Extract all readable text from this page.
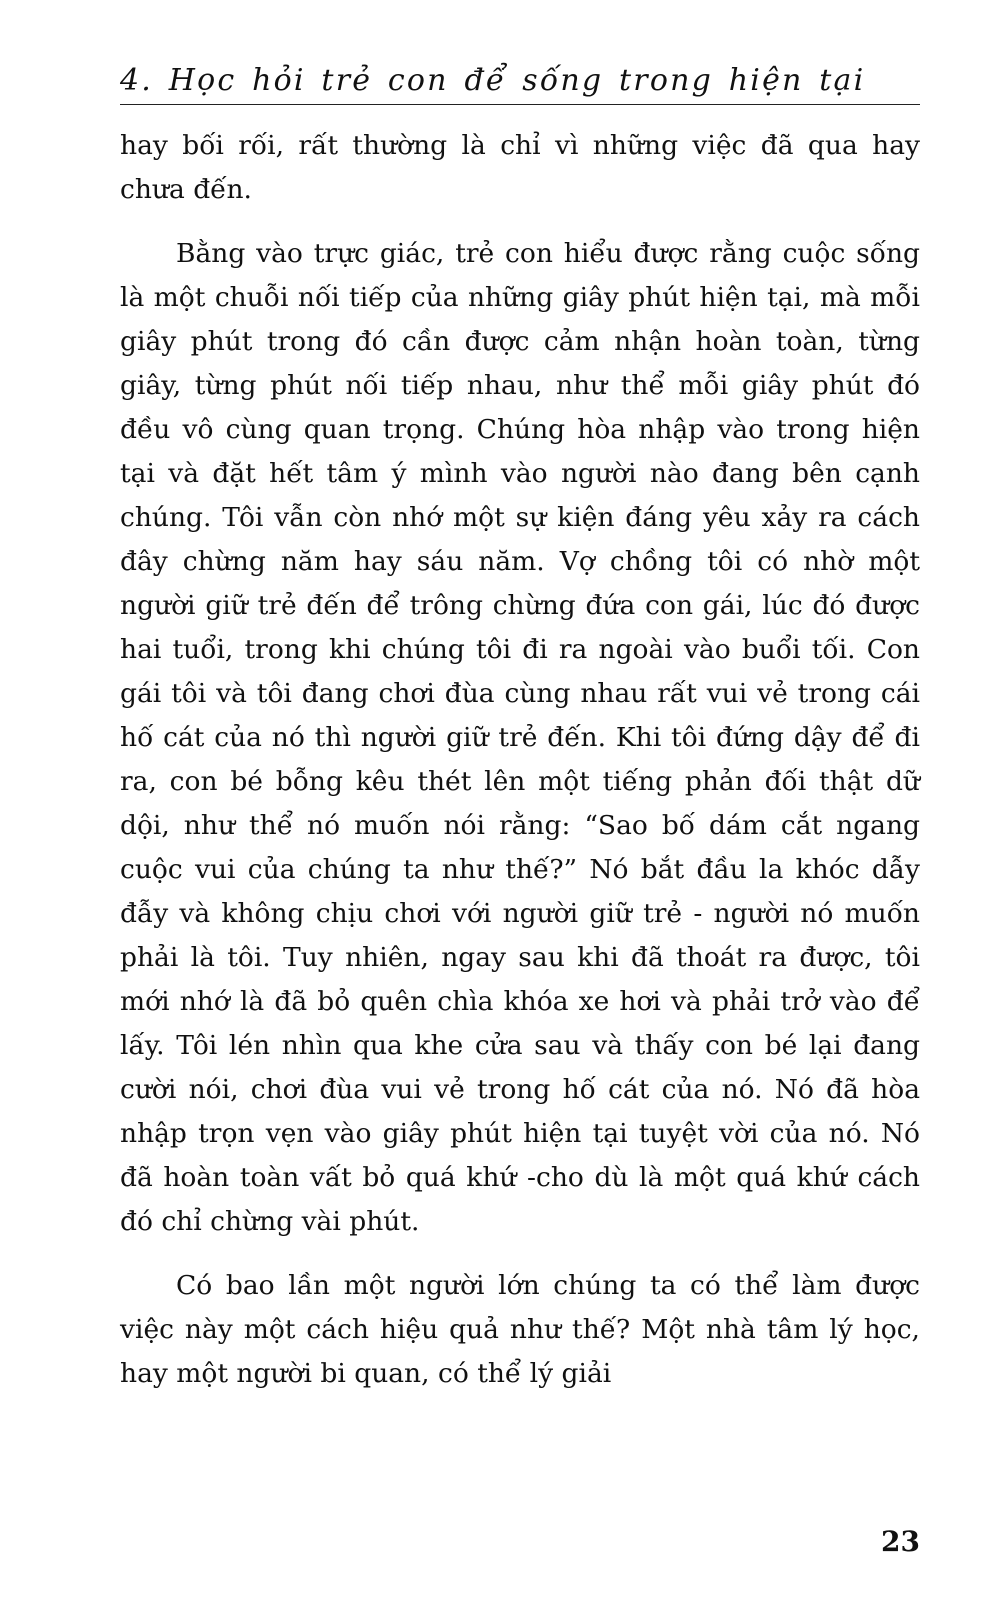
4. Học hỏi trẻ con để sống trong hiện tại

hay bối rối, rất thường là chỉ vì những việc đã qua hay chưa đến.

Bằng vào trực giác, trẻ con hiểu được rằng cuộc sống là một chuỗi nối tiếp của những giây phút hiện tại, mà mỗi giây phút trong đó cần được cảm nhận hoàn toàn, từng giây, từng phút nối tiếp nhau, như thể mỗi giây phút đó đều vô cùng quan trọng. Chúng hòa nhập vào trong hiện tại và đặt hết tâm ý mình vào người nào đang bên cạnh chúng. Tôi vẫn còn nhớ một sự kiện đáng yêu xảy ra cách đây chừng năm hay sáu năm. Vợ chồng tôi có nhờ một người giữ trẻ đến để trông chừng đứa con gái, lúc đó được hai tuổi, trong khi chúng tôi đi ra ngoài vào buổi tối. Con gái tôi và tôi đang chơi đùa cùng nhau rất vui vẻ trong cái hố cát của nó thì người giữ trẻ đến. Khi tôi đứng dậy để đi ra, con bé bỗng kêu thét lên một tiếng phản đối thật dữ dội, như thể nó muốn nói rằng: “Sao bố dám cắt ngang cuộc vui của chúng ta như thế?” Nó bắt đầu la khóc dẫy đẫy và không chịu chơi với người giữ trẻ - người nó muốn phải là tôi. Tuy nhiên, ngay sau khi đã thoát ra được, tôi mới nhớ là đã bỏ quên chìa khóa xe hơi và phải trở vào để lấy. Tôi lén nhìn qua khe cửa sau và thấy con bé lại đang cười nói, chơi đùa vui vẻ trong hố cát của nó. Nó đã hòa nhập trọn vẹn vào giây phút hiện tại tuyệt vời của nó. Nó đã hoàn toàn vất bỏ quá khứ -cho dù là một quá khứ cách đó chỉ chừng vài phút.

Có bao lần một người lớn chúng ta có thể làm được việc này một cách hiệu quả như thế? Một nhà tâm lý học, hay một người bi quan, có thể lý giải

23
